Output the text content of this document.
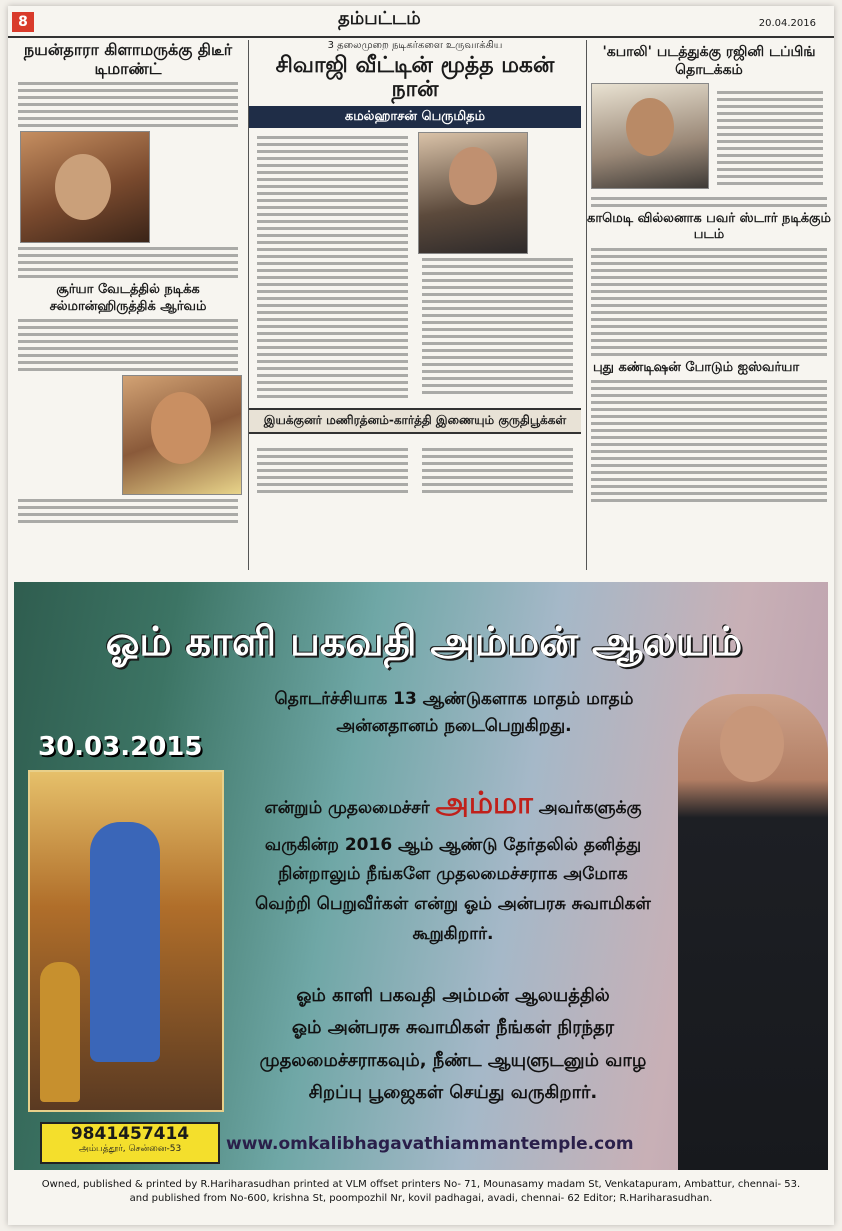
8	தம்பட்டம்	20.04.2016
நயன்தாரா கிளாமருக்கு திடீர் டிமாண்ட்
சூர்யா வேடத்தில் நடிக்க சல்மான்ஹிருத்திக் ஆர்வம்
3 தலைமுறை நடிகர்களை உருவாக்கிய
சிவாஜி வீட்டின் மூத்த மகன் நான்
கமல்ஹாசன் பெருமிதம்
இயக்குனர் மணிரத்னம்-கார்த்தி இணையும் குருதிபூக்கள்
'கபாலி' படத்துக்கு ரஜினி டப்பிங் தொடக்கம்
காமெடி வில்லனாக பவர் ஸ்டார் நடிக்கும் படம்
புது கண்டிஷன் போடும் ஐஸ்வர்யா
ஓம் காளி பகவதி அம்மன் ஆலயம்
தொடர்ச்சியாக 13 ஆண்டுகளாக மாதம் மாதம்
அன்னதானம் நடைபெறுகிறது.
30.03.2015
என்றும் முதலமைச்சர் அம்மா அவர்களுக்கு
வருகின்ற 2016 ஆம் ஆண்டு தேர்தலில் தனித்து
நின்றாலும் நீங்களே முதலமைச்சராக அமோக
வெற்றி பெறுவீர்கள் என்று ஓம் அன்பரசு சுவாமிகள்
கூறுகிறார்.
ஓம் காளி பகவதி அம்மன் ஆலயத்தில்
ஓம் அன்பரசு சுவாமிகள் நீங்கள் நிரந்தர
முதலமைச்சராகவும், நீண்ட ஆயுளுடனும் வாழ
சிறப்பு பூஜைகள் செய்து வருகிறார்.
9841457414
அம்பத்தூர், சென்னை-53	www.omkalibhagavathiammantemple.com
Owned, published & printed by R.Hariharasudhan printed at VLM offset printers No- 71, Mounasamy madam St, Venkatapuram, Ambattur, chennai- 53.
and published from No-600, krishna St, poompozhil Nr, kovil padhagai, avadi, chennai- 62 Editor; R.Hariharasudhan.
